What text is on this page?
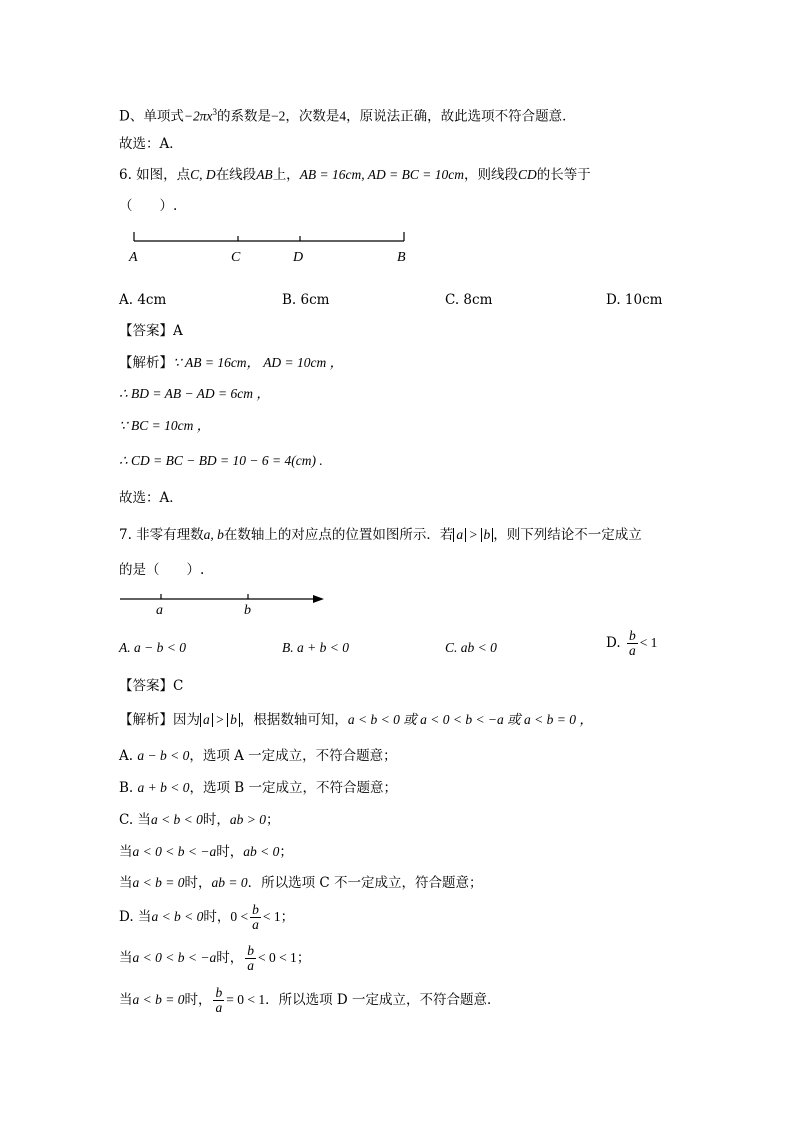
D、单项式$-2\pi x^3$的系数是−2，次数是4，原说法正确，故此选项不符合题意．
故选：A．
6. 如图，点C, D在线段AB上，AB = 16cm, AD = BC = 10cm，则线段CD的长等于
（　　）.
A	C	D	B
A. 4cm	B. 6cm	C. 8cm	D. 10cm
【答案】A
【解析】∵ AB = 16cm， AD = 10cm ，
∴ BD = AB − AD = 6cm ，
∵ BC = 10cm ，
∴ CD = BC − BD = 10 − 6 = 4(cm) .
故选：A．
7. 非零有理数a, b在数轴上的对应点的位置如图所示．若 a > b ，则下列结论不一定成立
的是（　　）.
a	b
A. a − b < 0	B. a + b < 0	C. ab < 0	D. $\frac{b}{a} < 1$
【答案】C
【解析】因为 a > b ，根据数轴可知，a < b < 0 或 a < 0 < b < −a 或 a < b = 0 ，
A. a − b < 0，选项 A 一定成立，不符合题意；
B. a + b < 0，选项 B 一定成立，不符合题意；
C. 当a < b < 0时，ab > 0；
当a < 0 < b < −a时，ab < 0；
当a < b = 0时，ab = 0．所以选项 C 不一定成立，符合题意；
D. 当a < b < 0时，$0 < \frac{b}{a} < 1$；
当a < 0 < b < −a时， $\frac{b}{a} < 0 < 1$；
当a < b = 0时， $\frac{b}{a} = 0 < 1$．所以选项 D 一定成立，不符合题意．
